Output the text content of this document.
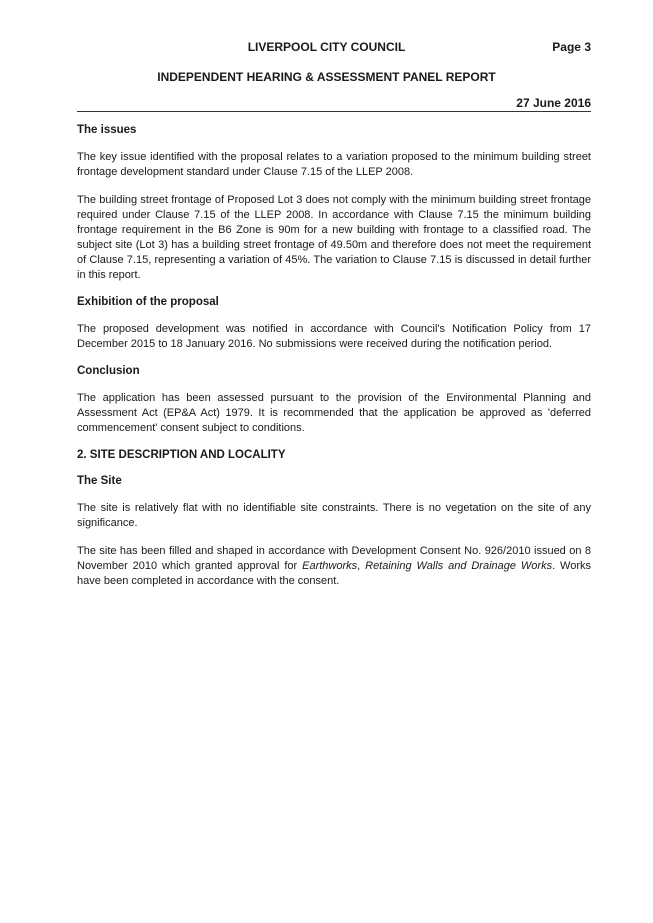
LIVERPOOL CITY COUNCIL	Page 3
INDEPENDENT HEARING & ASSESSMENT PANEL REPORT
27 June 2016
The issues

The key issue identified with the proposal relates to a variation proposed to the minimum building street frontage development standard under Clause 7.15 of the LLEP 2008.

The building street frontage of Proposed Lot 3 does not comply with the minimum building street frontage required under Clause 7.15 of the LLEP 2008. In accordance with Clause 7.15 the minimum building frontage requirement in the B6 Zone is 90m for a new building with frontage to a classified road. The subject site (Lot 3) has a building street frontage of 49.50m and therefore does not meet the requirement of Clause 7.15, representing a variation of 45%. The variation to Clause 7.15 is discussed in detail further in this report.

Exhibition of the proposal

The proposed development was notified in accordance with Council's Notification Policy from 17 December 2015 to 18 January 2016. No submissions were received during the notification period.

Conclusion

The application has been assessed pursuant to the provision of the Environmental Planning and Assessment Act (EP&A Act) 1979. It is recommended that the application be approved as 'deferred commencement' consent subject to conditions.

2. SITE DESCRIPTION AND LOCALITY
The Site

The site is relatively flat with no identifiable site constraints. There is no vegetation on the site of any significance.

The site has been filled and shaped in accordance with Development Consent No. 926/2010 issued on 8 November 2010 which granted approval for Earthworks, Retaining Walls and Drainage Works. Works have been completed in accordance with the consent.
